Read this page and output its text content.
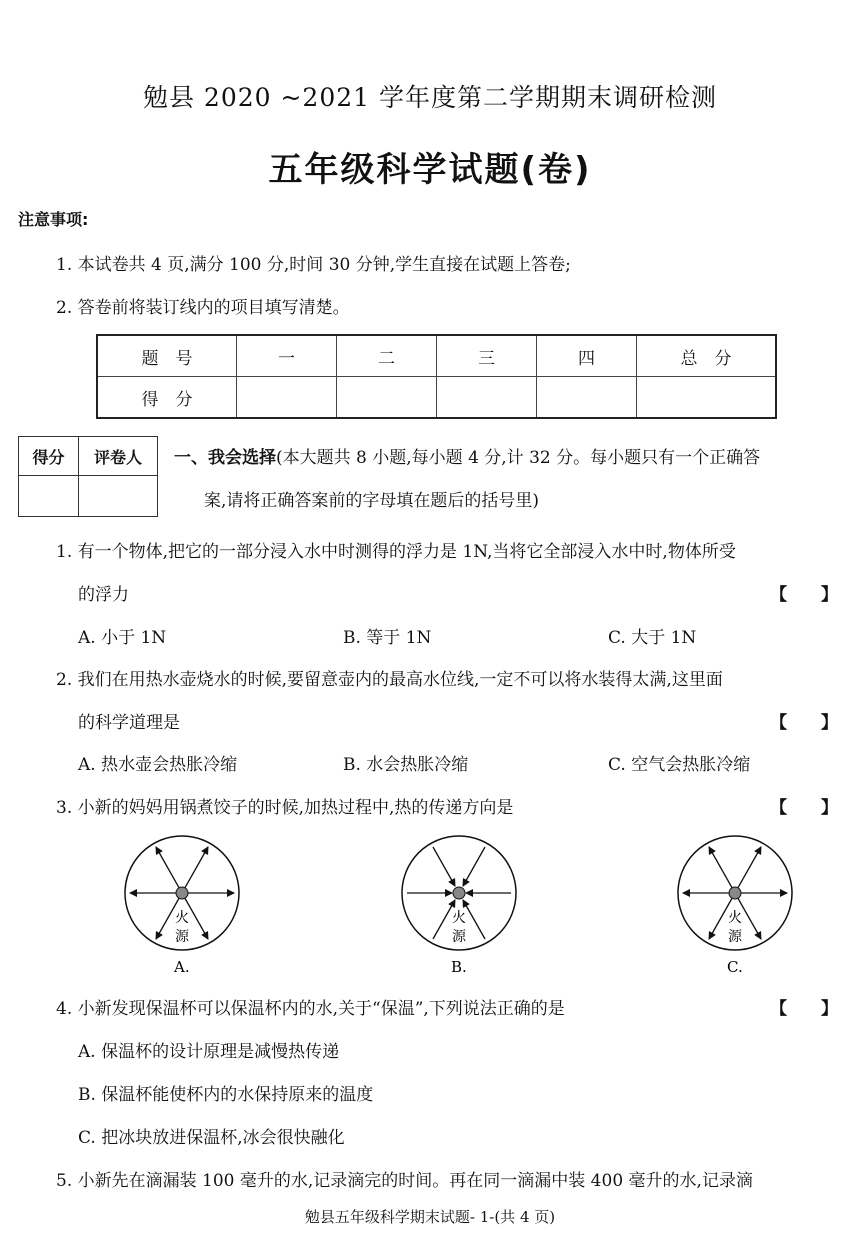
勉县 2020 ~2021 学年度第二学期期末调研检测
五年级科学试题(卷)
注意事项:
1. 本试卷共 4 页,满分 100 分,时间 30 分钟,学生直接在试题上答卷;
2. 答卷前将装订线内的项目填写清楚。
题　号	一	二	三	四	总　分
得　分					
得分	评卷人
	一、我会选择(本大题共 8 小题,每小题 4 分,计 32 分。每小题只有一个正确答
案,请将正确答案前的字母填在题后的括号里)
1. 有一个物体,把它的一部分浸入水中时测得的浮力是 1N,当将它全部浸入水中时,物体所受
的浮力	【　　】
A. 小于 1N	B. 等于 1N	C. 大于 1N
2. 我们在用热水壶烧水的时候,要留意壶内的最高水位线,一定不可以将水装得太满,这里面
的科学道理是	【　　】
A. 热水壶会热胀冷缩	B. 水会热胀冷缩	C. 空气会热胀冷缩
3. 小新的妈妈用锅煮饺子的时候,加热过程中,热的传递方向是	【　　】
火
源
A.
火
源
B.
火
源
C.
4. 小新发现保温杯可以保温杯内的水,关于“保温”,下列说法正确的是	【　　】
A. 保温杯的设计原理是减慢热传递
B. 保温杯能使杯内的水保持原来的温度
C. 把冰块放进保温杯,冰会很快融化
5. 小新先在滴漏装 100 毫升的水,记录滴完的时间。再在同一滴漏中装 400 毫升的水,记录滴
勉县五年级科学期末试题- 1-(共 4 页)
